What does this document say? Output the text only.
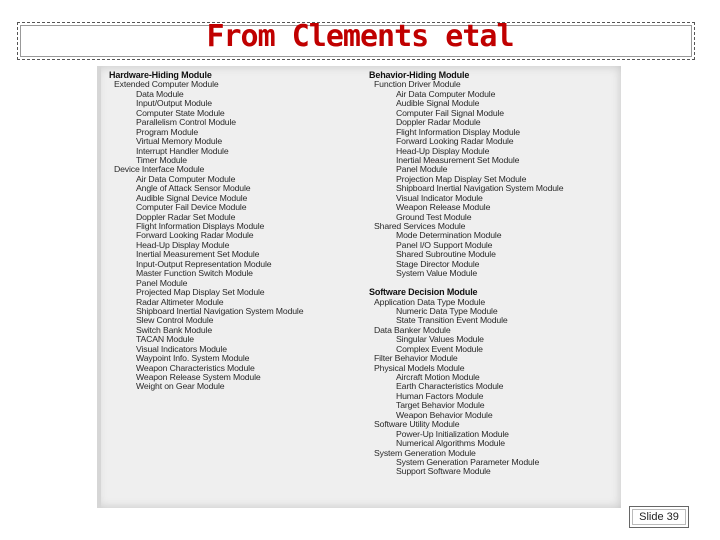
From Clements etal
Hardware-Hiding Module
Extended Computer Module
Data Module
Input/Output Module
Computer State Module
Parallelism Control Module
Program Module
Virtual Memory Module
Interrupt Handler Module
Timer Module
Device Interface Module
Air Data Computer Module
Angle of Attack Sensor Module
Audible Signal Device Module
Computer Fail Device Module
Doppler Radar Set Module
Flight Information Displays Module
Forward Looking Radar Module
Head-Up Display Module
Inertial Measurement Set Module
Input-Output Representation Module
Master Function Switch Module
Panel Module
Projected Map Display Set Module
Radar Altimeter Module
Shipboard Inertial Navigation System Module
Slew Control Module
Switch Bank Module
TACAN Module
Visual Indicators Module
Waypoint Info. System Module
Weapon Characteristics Module
Weapon Release System Module
Weight on Gear Module
Behavior-Hiding Module
Function Driver Module
Air Data Computer Module
Audible Signal Module
Computer Fail Signal Module
Doppler Radar Module
Flight Information Display Module
Forward Looking Radar Module
Head-Up Display Module
Inertial Measurement Set Module
Panel Module
Projection Map Display Set Module
Shipboard Inertial Navigation System Module
Visual Indicator Module
Weapon Release Module
Ground Test Module
Shared Services Module
Mode Determination Module
Panel I/O Support Module
Shared Subroutine Module
Stage Director Module
System Value Module
Software Decision Module
Application Data Type Module
Numeric Data Type Module
State Transition Event Module
Data Banker Module
Singular Values Module
Complex Event Module
Filter Behavior Module
Physical Models Module
Aircraft Motion Module
Earth Characteristics Module
Human Factors Module
Target Behavior Module
Weapon Behavior Module
Software Utility Module
Power-Up Initialization Module
Numerical Algorithms Module
System Generation Module
System Generation Parameter Module
Support Software Module
Slide 39
